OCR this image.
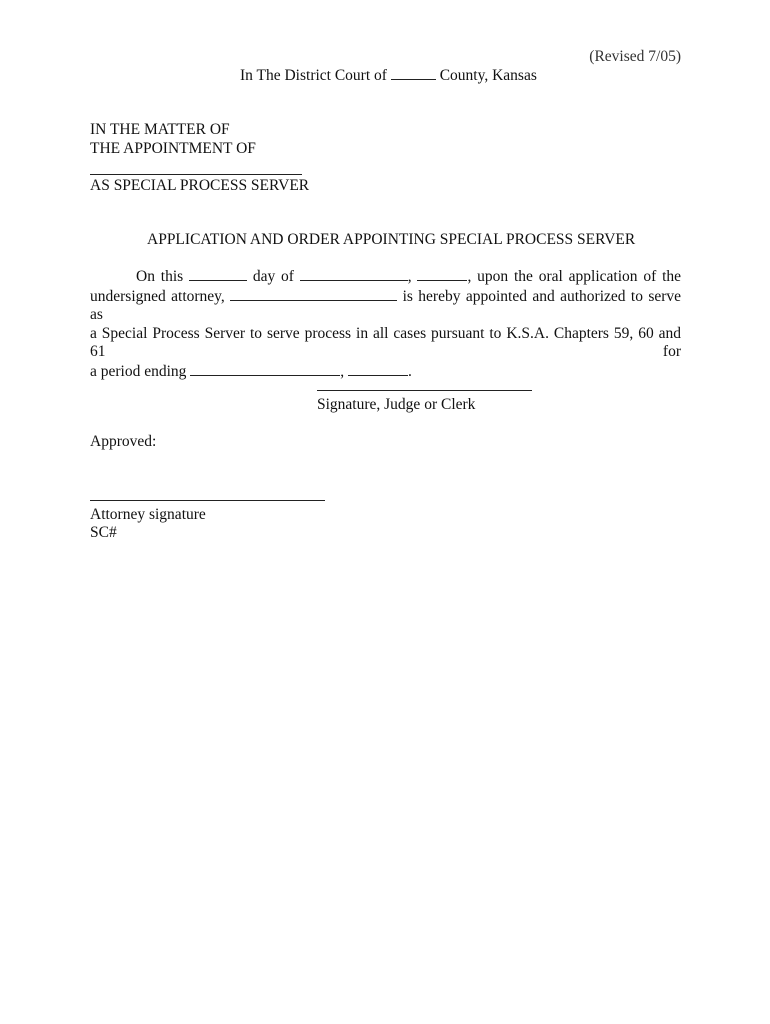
(Revised 7/05)
In The District Court of	County, Kansas
IN THE MATTER OF
THE APPOINTMENT OF
AS SPECIAL PROCESS SERVER
APPLICATION AND ORDER APPOINTING SPECIAL PROCESS SERVER
On this	day of	,	, upon the oral application of the
undersigned attorney,	is hereby appointed and authorized to serve as
a Special Process Server to serve process in all cases pursuant to K.S.A. Chapters 59, 60 and 61 for
a period ending	,	.
Signature, Judge or Clerk
Approved:
Attorney signature
SC#
